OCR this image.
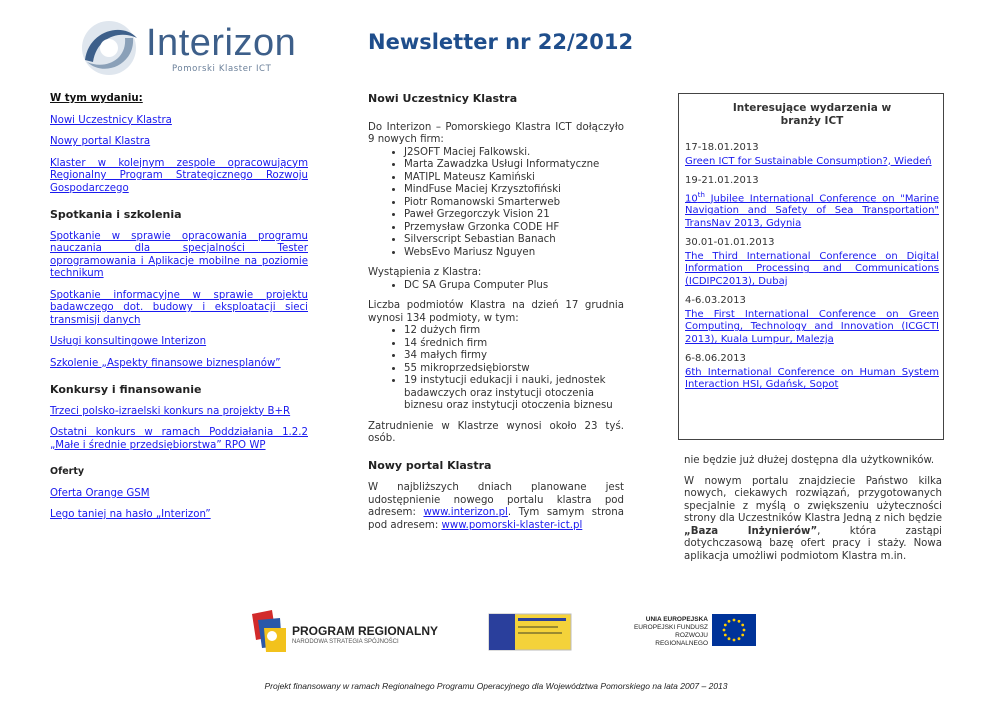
Interizon
Pomorski Klaster ICT
Newsletter nr 22/2012
W tym wydaniu:
Nowi Uczestnicy Klastra
Nowy portal Klastra
Klaster w kolejnym zespole opracowującym Regionalny Program Strategicznego Rozwoju Gospodarczego
Spotkania i szkolenia
Spotkanie w sprawie opracowania programu nauczania dla specjalności Tester oprogramowania i Aplikacje mobilne na poziomie technikum
Spotkanie informacyjne w sprawie projektu badawczego dot. budowy i eksploatacji sieci transmisji danych
Usługi konsultingowe Interizon
Szkolenie „Aspekty finansowe biznesplanów”
Konkursy i finansowanie
Trzeci polsko-izraelski konkurs na projekty B+R
Ostatni konkurs w ramach Poddziałania 1.2.2 „Małe i średnie przedsiębiorstwa” RPO WP
Oferty
Oferta Orange GSM
Lego taniej na hasło „Interizon”
Nowi Uczestnicy Klastra

Do Interizon – Pomorskiego Klastra ICT dołączyło 9 nowych firm:

• J2SOFT Maciej Falkowski.
• Marta Zawadzka Usługi Informatyczne
• MATIPL Mateusz Kamiński
• MindFuse Maciej Krzysztofiński
• Piotr Romanowski Smarterweb
• Paweł Grzegorczyk Vision 21
• Przemysław Grzonka CODE HF
• Silverscript Sebastian Banach
• WebsEvo Mariusz Nguyen

Wystąpienia z Klastra:

• DC SA Grupa Computer Plus

Liczba podmiotów Klastra na dzień 17 grudnia wynosi 134 podmioty, w tym:

• 12 dużych firm
• 14 średnich firm
• 34 małych firmy
• 55 mikroprzedsiębiorstw
• 19 instytucji edukacji i nauki, jednostek badawczych oraz instytucji otoczenia biznesu oraz instytucji otoczenia biznesu

Zatrudnienie w Klastrze wynosi około 23 tyś. osób.

Nowy portal Klastra

W najbliższych dniach planowane jest udostępnienie nowego portalu klastra pod adresem: www.interizon.pl. Tym samym strona pod adresem: www.pomorski-klaster-ict.pl

Interesujące wydarzenia w branży ICT
17-18.01.2013
Green ICT for Sustainable Consumption?, Wiedeń
19-21.01.2013
10th Jubilee International Conference on "Marine Navigation and Safety of Sea Transportation" TransNav 2013, Gdynia
30.01-01.01.2013
The Third International Conference on Digital Information Processing and Communications (ICDIPC2013), Dubaj
4-6.03.2013
The First International Conference on Green Computing, Technology and Innovation (ICGCTI 2013), Kuala Lumpur, Malezja
6-8.06.2013
6th International Conference on Human System Interaction HSI, Gdańsk, Sopot

nie będzie już dłużej dostępna dla użytkowników.

W nowym portalu znajdziecie Państwo kilka nowych, ciekawych rozwiązań, przygotowanych specjalnie z myślą o zwiększeniu użyteczności strony dla Uczestników Klastra Jedną z nich będzie „Baza Inżynierów”, która zastąpi dotychczasową bazę ofert pracy i staży. Nowa aplikacja umożliwi podmiotom Klastra m.in.

PROGRAM REGIONALNY
NARODOWA STRATEGIA SPÓJNOŚCI
UNIA EUROPEJSKA
EUROPEJSKI FUNDUSZ
ROZWOJU REGIONALNEGO
Projekt finansowany w ramach Regionalnego Programu Operacyjnego dla Województwa Pomorskiego na lata 2007 – 2013
